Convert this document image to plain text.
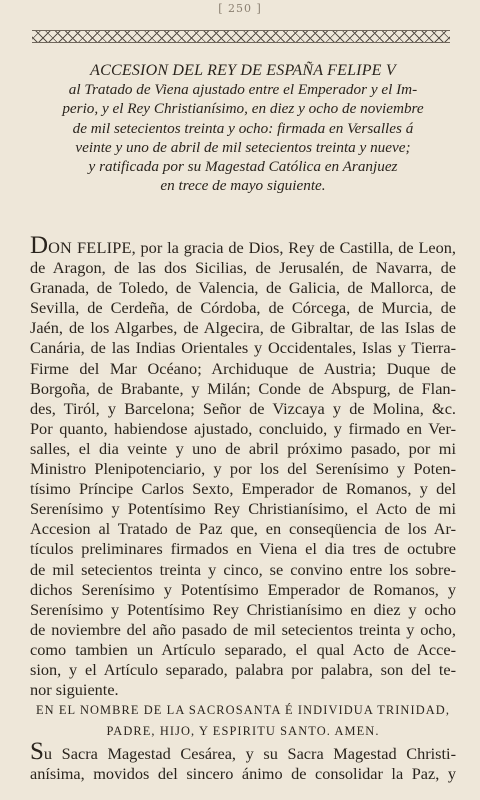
[ 250 ]
ACCESION DEL REY DE ESPAÑA FELIPE V
al Tratado de Viena ajustado entre el Emperador y el Im-
perio, y el Rey Christianísimo, en diez y ocho de noviembre
de mil setecientos treinta y ocho: firmada en Versalles á
veinte y uno de abril de mil setecientos treinta y nueve;
y ratificada por su Magestad Católica en Aranjuez
en trece de mayo siguiente.
DON FELIPE, por la gracia de Dios, Rey de Castilla, de Leon,
de Aragon, de las dos Sicilias, de Jerusalén, de Navarra, de
Granada, de Toledo, de Valencia, de Galicia, de Mallorca, de
Sevilla, de Cerdeña, de Córdoba, de Córcega, de Murcia, de
Jaén, de los Algarbes, de Algecira, de Gibraltar, de las Islas de
Canária, de las Indias Orientales y Occidentales, Islas y Tierra-
Firme del Mar Océano; Archiduque de Austria; Duque de
Borgoña, de Brabante, y Milán; Conde de Abspurg, de Flan-
des, Tiról, y Barcelona; Señor de Vizcaya y de Molina, &c.
Por quanto, habiendose ajustado, concluido, y firmado en Ver-
salles, el dia veinte y uno de abril próximo pasado, por mi
Ministro Plenipotenciario, y por los del Serenísimo y Poten-
tísimo Príncipe Carlos Sexto, Emperador de Romanos, y del
Serenísimo y Potentísimo Rey Christianísimo, el Acto de mi
Accesion al Tratado de Paz que, en conseqüencia de los Ar-
tículos preliminares firmados en Viena el dia tres de octubre
de mil setecientos treinta y cinco, se convino entre los sobre-
dichos Serenísimo y Potentísimo Emperador de Romanos, y
Serenísimo y Potentísimo Rey Christianísimo en diez y ocho
de noviembre del año pasado de mil setecientos treinta y ocho,
como tambien un Artículo separado, el qual Acto de Acce-
sion, y el Artículo separado, palabra por palabra, son del te-
nor siguiente.
EN EL NOMBRE DE LA SACROSANTA É INDIVIDUA TRINIDAD,
PADRE, HIJO, Y ESPIRITU SANTO. AMEN.
Su Sacra Magestad Cesárea, y su Sacra Magestad Christi-
anísima, movidos del sincero ánimo de consolidar la Paz, y
